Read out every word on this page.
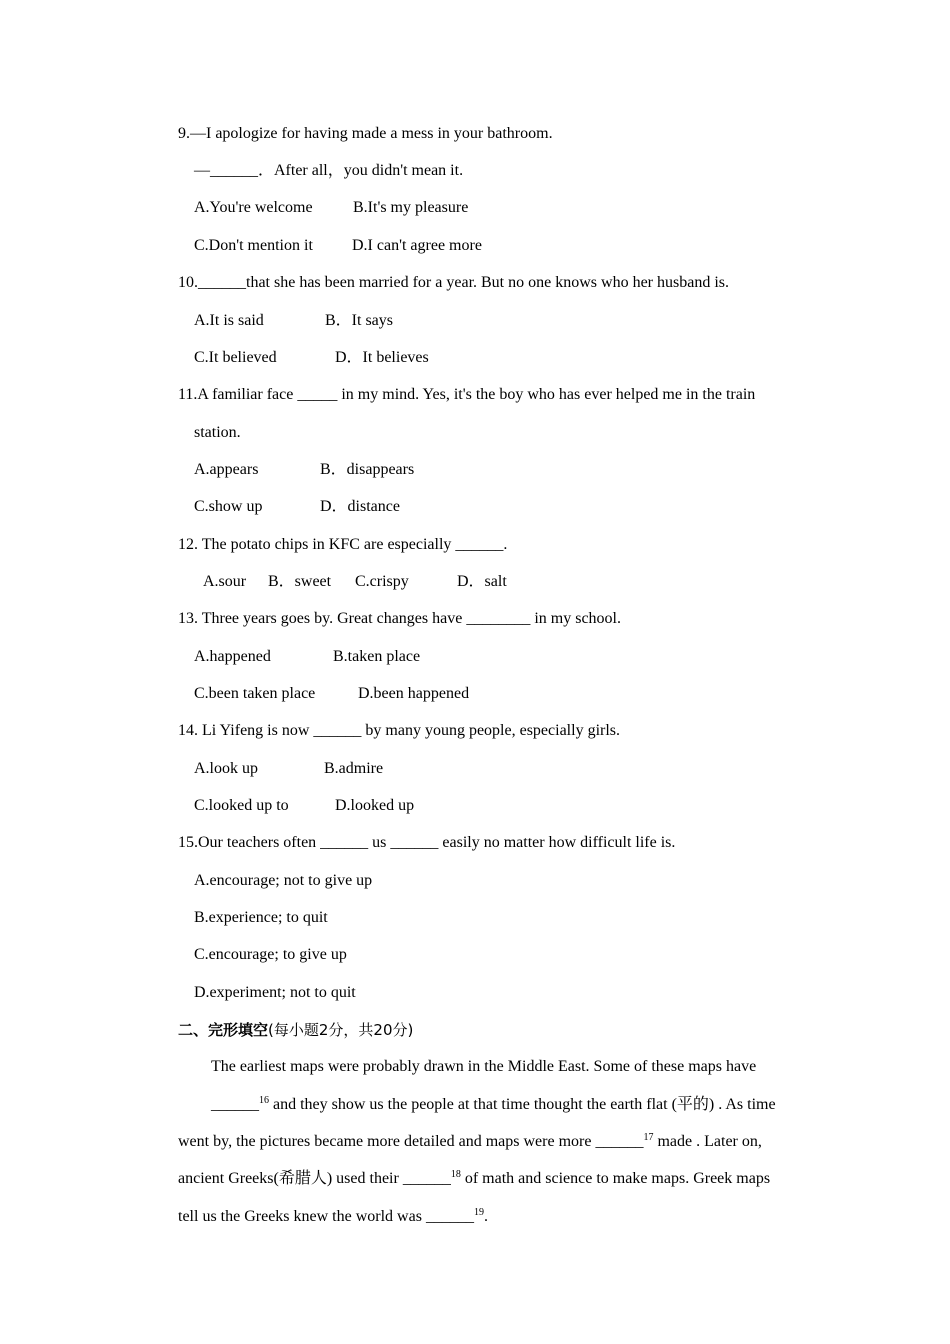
9.—I apologize for having made a mess in your bathroom.
—______．After all，you didn't mean it.
A.You're welcome	B.It's my pleasure
C.Don't mention it D.I can't agree more
10.______that she has been married for a year. But no one knows who her husband is.
A.It is said	B．It says
C.It believed	D．It believes
11.A familiar face _____ in my mind. Yes, it's the boy who has ever helped me in the train
station.
A.appears	B．disappears
C.show up	D．distance
12. The potato chips in KFC are especially ______.
A.sour B．sweet C.crispy	D．salt
13. Three years goes by. Great changes have ________ in my school.
A.happened	B.taken place
C.been taken place	D.been happened
14. Li Yifeng is now ______ by many young people, especially girls.
A.look up	B.admire
C.looked up to	D.looked up
15.Our teachers often ______ us ______ easily no matter how difficult life is.
A.encourage; not to give up
B.experience; to quit
C.encourage; to give up
D.experiment; not to quit
二、完形填空(每小题2分，共20分)
The earliest maps were probably drawn in the Middle East. Some of these maps have
______$^{16}$ and they show us the people at that time thought the earth flat (平的) . As time
went by, the pictures became more detailed and maps were more ______$^{17}$ made . Later on,
ancient Greeks(希腊人) used their ______$^{18}$ of math and science to make maps. Greek maps
tell us the Greeks knew the world was ______$^{19}$.
